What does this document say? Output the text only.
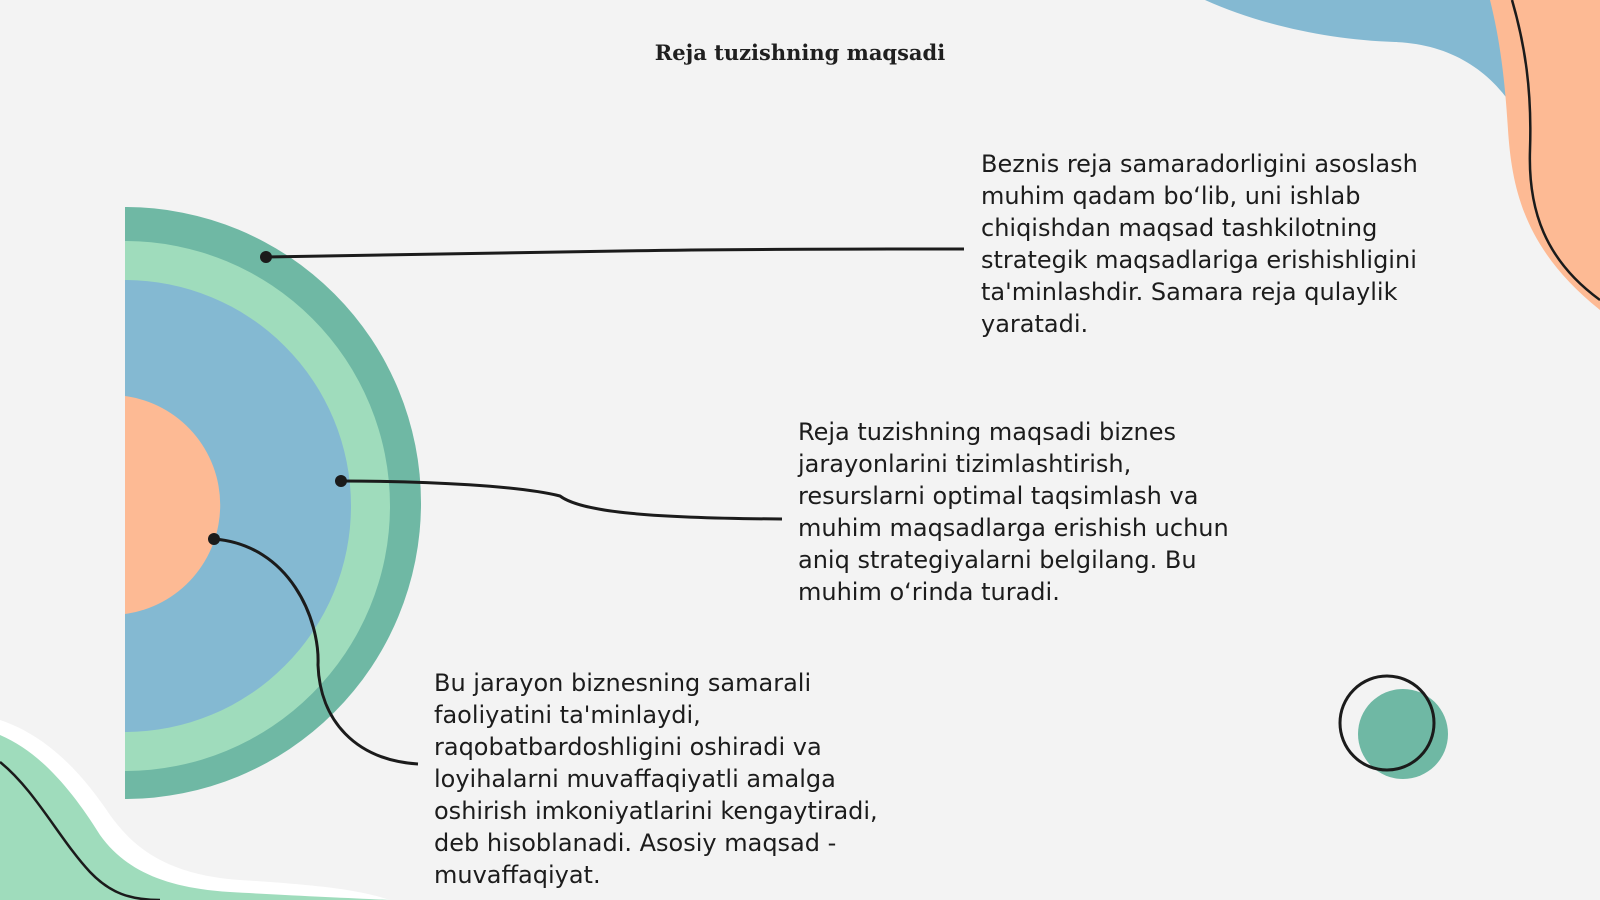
Reja tuzishning maqsadi
Beznis reja samaradorligini asoslash
muhim qadam bo‘lib, uni ishlab
chiqishdan maqsad tashkilotning
strategik maqsadlariga erishishligini
ta'minlashdir. Samara reja qulaylik
yaratadi.
Reja tuzishning maqsadi biznes
jarayonlarini tizimlashtirish,
resurslarni optimal taqsimlash va
muhim maqsadlarga erishish uchun
aniq strategiyalarni belgilang. Bu
muhim o‘rinda turadi.
Bu jarayon biznesning samarali
faoliyatini ta'minlaydi,
raqobatbardoshligini oshiradi va
loyihalarni muvaffaqiyatli amalga
oshirish imkoniyatlarini kengaytiradi,
deb hisoblanadi. Asosiy maqsad -
muvaffaqiyat.
